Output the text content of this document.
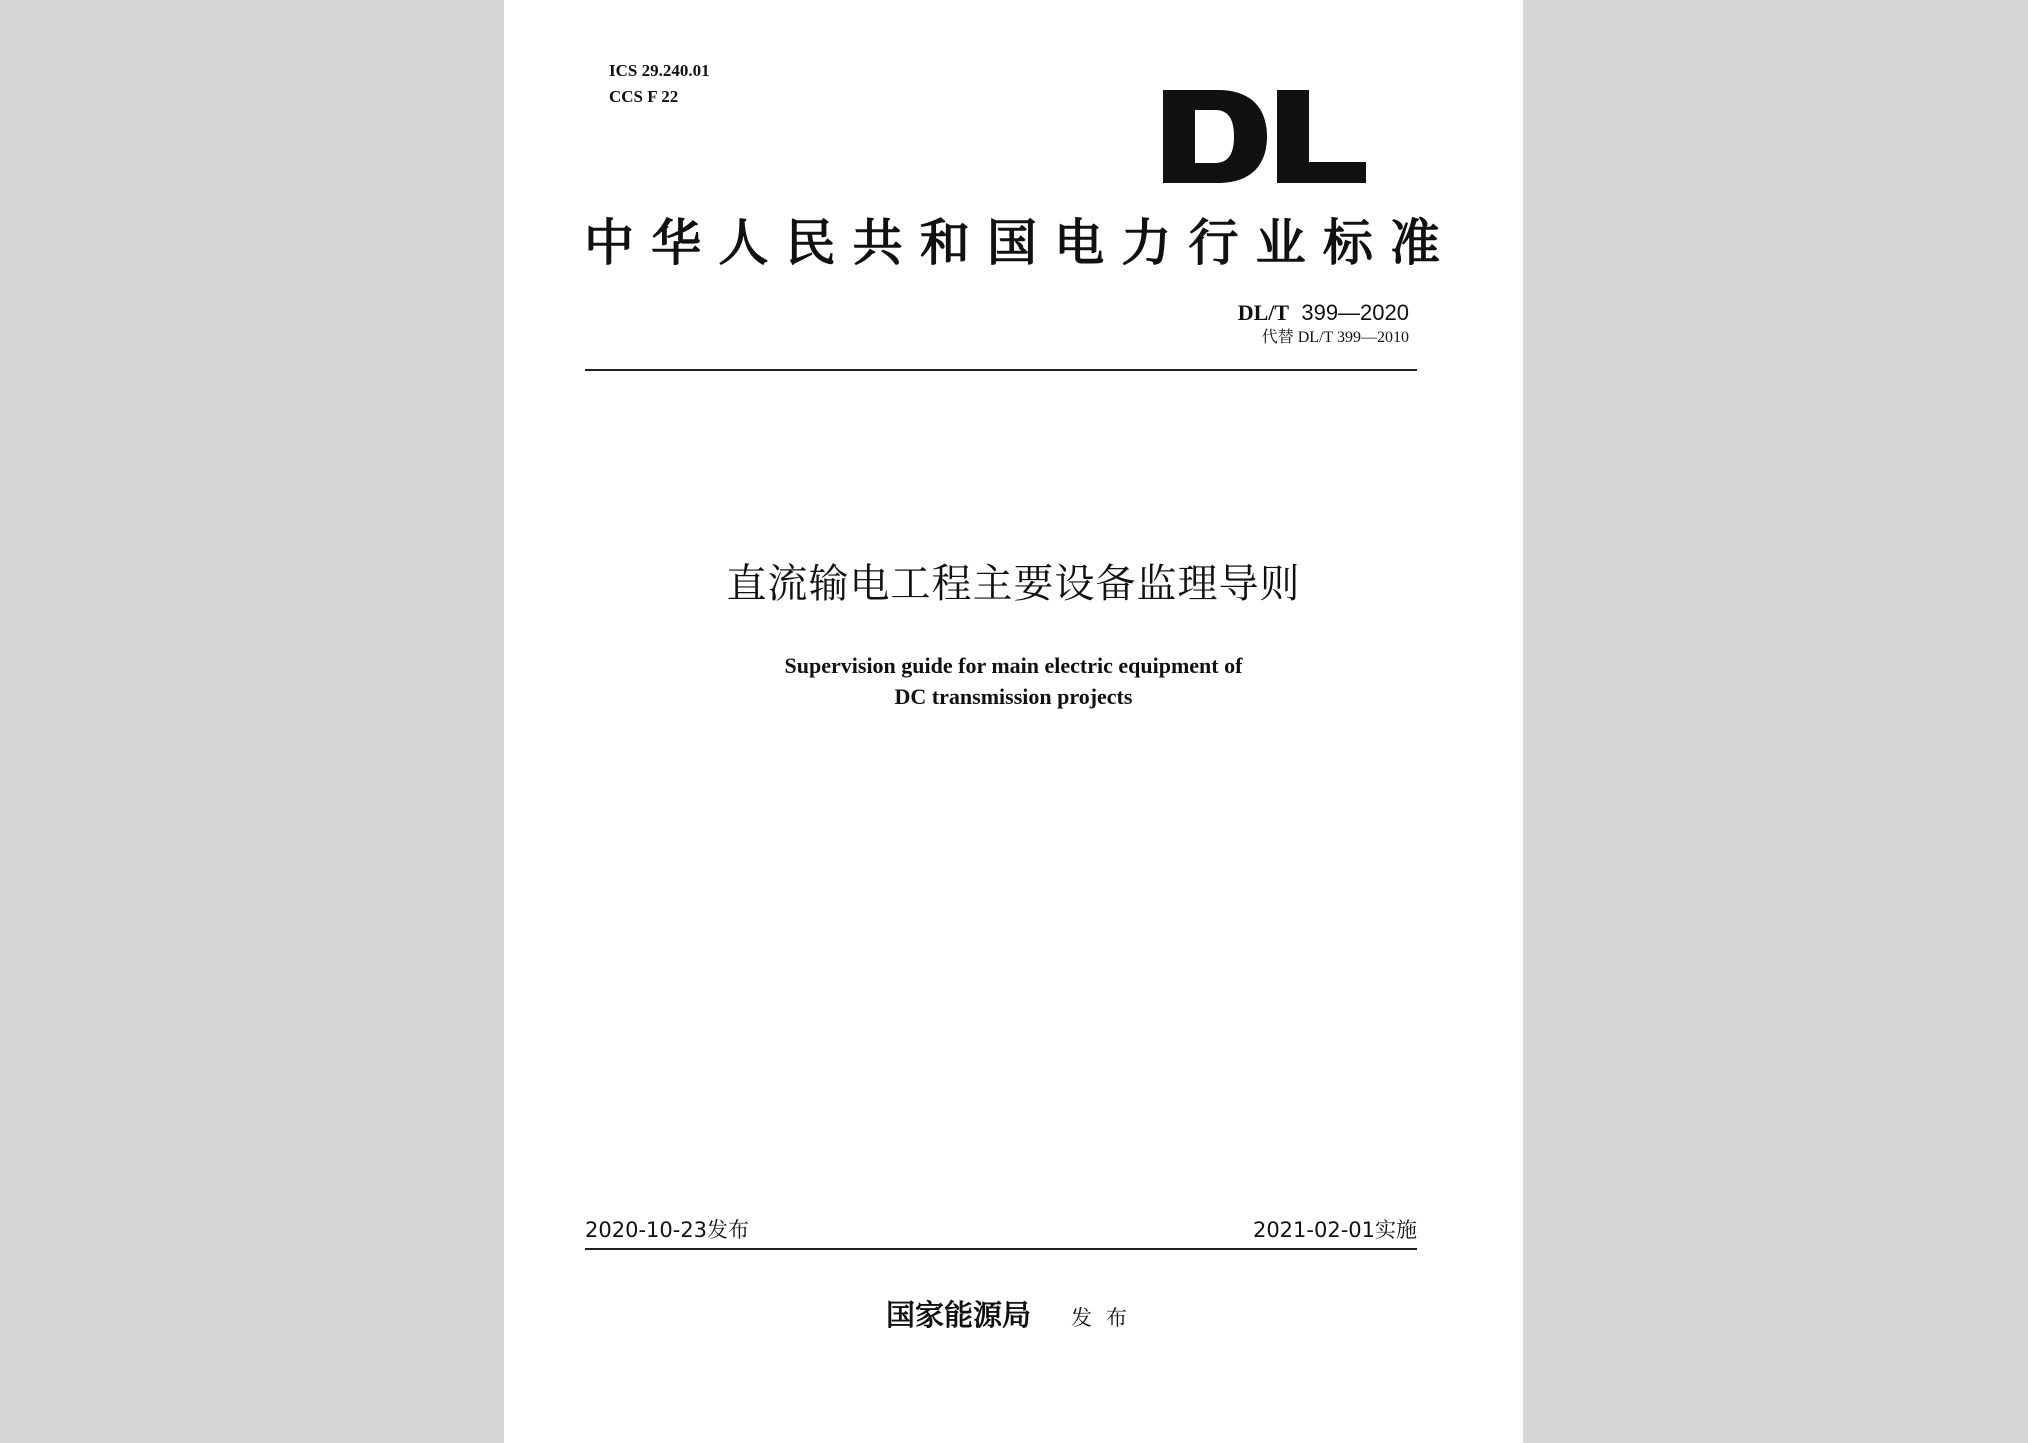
ICS 29.240.01
CCS F 22
中华人民共和国电力行业标准
DL/T 399—2020
代替 DL/T 399—2010
直流输电工程主要设备监理导则
Supervision guide for main electric equipment of
DC transmission projects
2020-10-23发布	2021-02-01实施
国家能源局 发布
